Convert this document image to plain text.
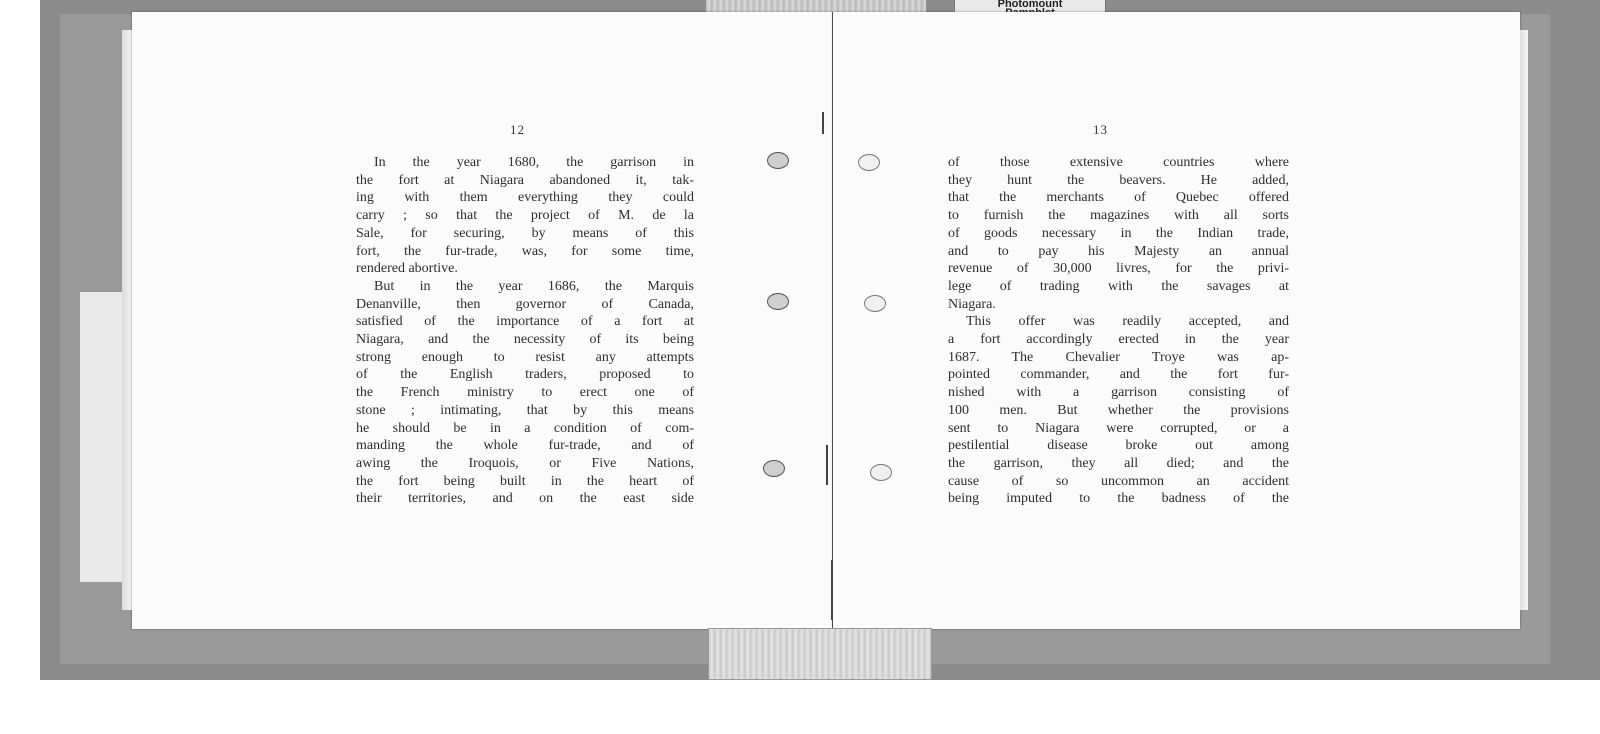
Photomount
12
In the year 1680, the garrison in
the fort at Niagara abandoned it, tak-
ing with them everything they could
carry ; so that the project of M. de la
Sale, for securing, by means of this
fort, the fur-trade, was, for some time,
rendered abortive.
But in the year 1686, the Marquis
Denanville, then governor of Canada,
satisfied of the importance of a fort at
Niagara, and the necessity of its being
strong enough to resist any attempts
of the English traders, proposed to
the French ministry to erect one of
stone ; intimating, that by this means
he should be in a condition of com-
manding the whole fur-trade, and of
awing the Iroquois, or Five Nations,
the fort being built in the heart of
their territories, and on the east side
13
of those extensive countries where
they hunt the beavers. He added,
that the merchants of Quebec offered
to furnish the magazines with all sorts
of goods necessary in the Indian trade,
and to pay his Majesty an annual
revenue of 30,000 livres, for the privi-
lege of trading with the savages at
Niagara.
This offer was readily accepted, and
a fort accordingly erected in the year
1687. The Chevalier Troye was ap-
pointed commander, and the fort fur-
nished with a garrison consisting of
100 men. But whether the provisions
sent to Niagara were corrupted, or a
pestilential disease broke out among
the garrison, they all died; and the
cause of so uncommon an accident
being imputed to the badness of the
